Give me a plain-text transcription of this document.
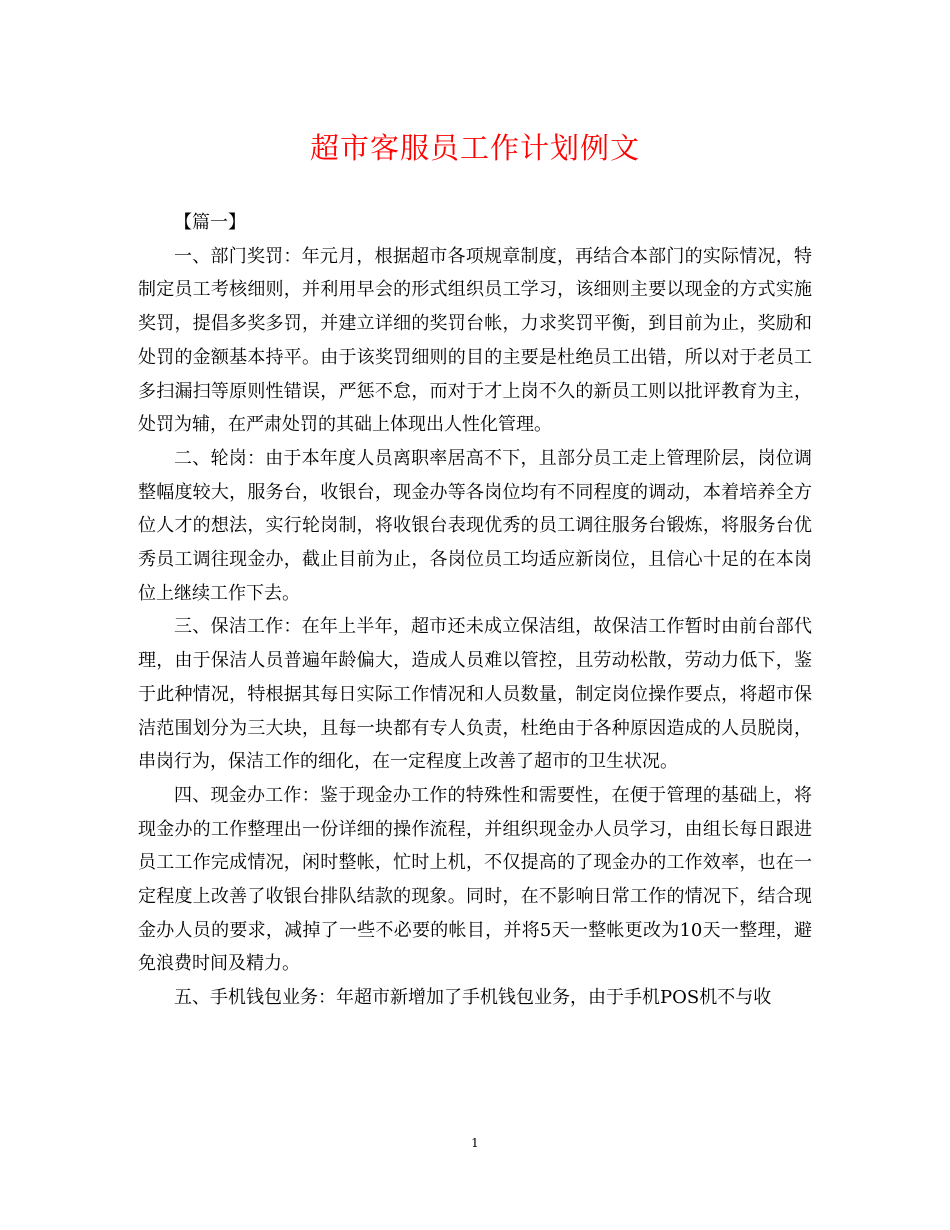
超市客服员工作计划例文

【篇一】

一、部门奖罚：年元月，根据超市各项规章制度，再结合本部门的实际情况，特制定员工考核细则，并利用早会的形式组织员工学习，该细则主要以现金的方式实施奖罚，提倡多奖多罚，并建立详细的奖罚台帐，力求奖罚平衡，到目前为止，奖励和处罚的金额基本持平。由于该奖罚细则的目的主要是杜绝员工出错，所以对于老员工多扫漏扫等原则性错误，严惩不怠，而对于才上岗不久的新员工则以批评教育为主，处罚为辅，在严肃处罚的其础上体现出人性化管理。

二、轮岗：由于本年度人员离职率居高不下，且部分员工走上管理阶层，岗位调整幅度较大，服务台，收银台，现金办等各岗位均有不同程度的调动，本着培养全方位人才的想法，实行轮岗制，将收银台表现优秀的员工调往服务台锻炼，将服务台优秀员工调往现金办，截止目前为止，各岗位员工均适应新岗位，且信心十足的在本岗位上继续工作下去。

三、保洁工作：在年上半年，超市还未成立保洁组，故保洁工作暂时由前台部代理，由于保洁人员普遍年龄偏大，造成人员难以管控，且劳动松散，劳动力低下，鉴于此种情况，特根据其每日实际工作情况和人员数量，制定岗位操作要点，将超市保洁范围划分为三大块，且每一块都有专人负责，杜绝由于各种原因造成的人员脱岗，串岗行为，保洁工作的细化，在一定程度上改善了超市的卫生状况。

四、现金办工作：鉴于现金办工作的特殊性和需要性，在便于管理的基础上，将现金办的工作整理出一份详细的操作流程，并组织现金办人员学习，由组长每日跟进员工工作完成情况，闲时整帐，忙时上机，不仅提高的了现金办的工作效率，也在一定程度上改善了收银台排队结款的现象。同时，在不影响日常工作的情况下，结合现金办人员的要求，减掉了一些不必要的帐目，并将5天一整帐更改为10天一整理，避免浪费时间及精力。

五、手机钱包业务：年超市新增加了手机钱包业务，由于手机POS机不与收

1
